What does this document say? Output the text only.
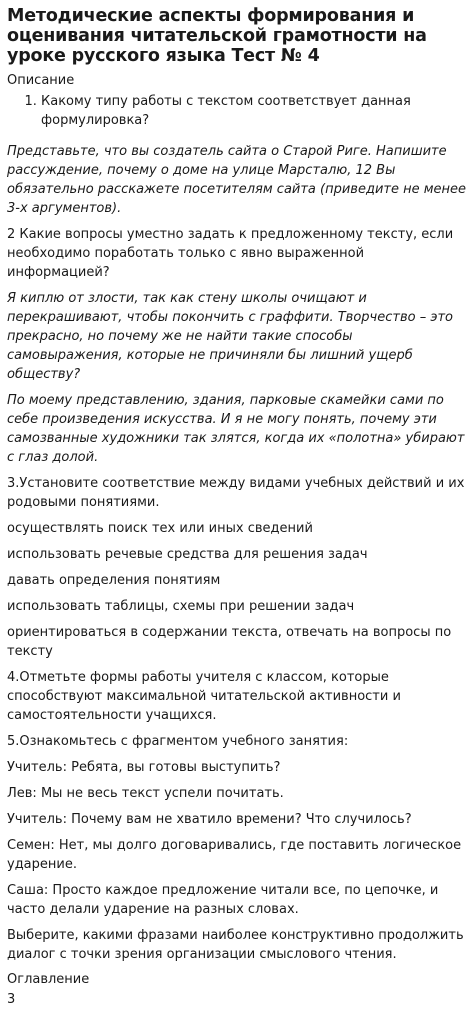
Методические аспекты формирования и оценивания читательской грамотности на уроке русского языка Тест № 4
Описание
1. Какому типу работы с текстом соответствует данная формулировка?

Представьте, что вы создатель сайта о Старой Риге. Напишите рассуждение, почему о доме на улице Марсталю, 12 Вы обязательно расскажете посетителям сайта (приведите не менее 3-х аргументов).

2 Какие вопросы уместно задать к предложенному тексту, если необходимо поработать только с явно выраженной информацией?

Я киплю от злости, так как стену школы очищают и перекрашивают, чтобы покончить с граффити. Творчество – это прекрасно, но почему же не найти такие способы самовыражения, которые не причиняли бы лишний ущерб обществу?

По моему представлению, здания, парковые скамейки сами по себе произведения искусства. И я не могу понять, почему эти самозванные художники так злятся, когда их «полотна» убирают с глаз долой.

3.Установите соответствие между видами учебных действий и их родовыми понятиями.

осуществлять поиск тех или иных сведений

использовать речевые средства для решения задач

давать определения понятиям

использовать таблицы, схемы при решении задач

ориентироваться в содержании текста, отвечать на вопросы по тексту

4.Отметьте формы работы учителя с классом, которые способствуют максимальной читательской активности и самостоятельности учащихся.

5.Ознакомьтесь с фрагментом учебного занятия:

Учитель: Ребята, вы готовы выступить?

Лев: Мы не весь текст успели почитать.

Учитель: Почему вам не хватило времени? Что случилось?

Семен: Нет, мы долго договаривались, где поставить логическое ударение.

Саша: Просто каждое предложение читали все, по цепочке, и часто делали ударение на разных словах.

Выберите, какими фразами наиболее конструктивно продолжить диалог с точки зрения организации смыслового чтения.

Оглавление
3
